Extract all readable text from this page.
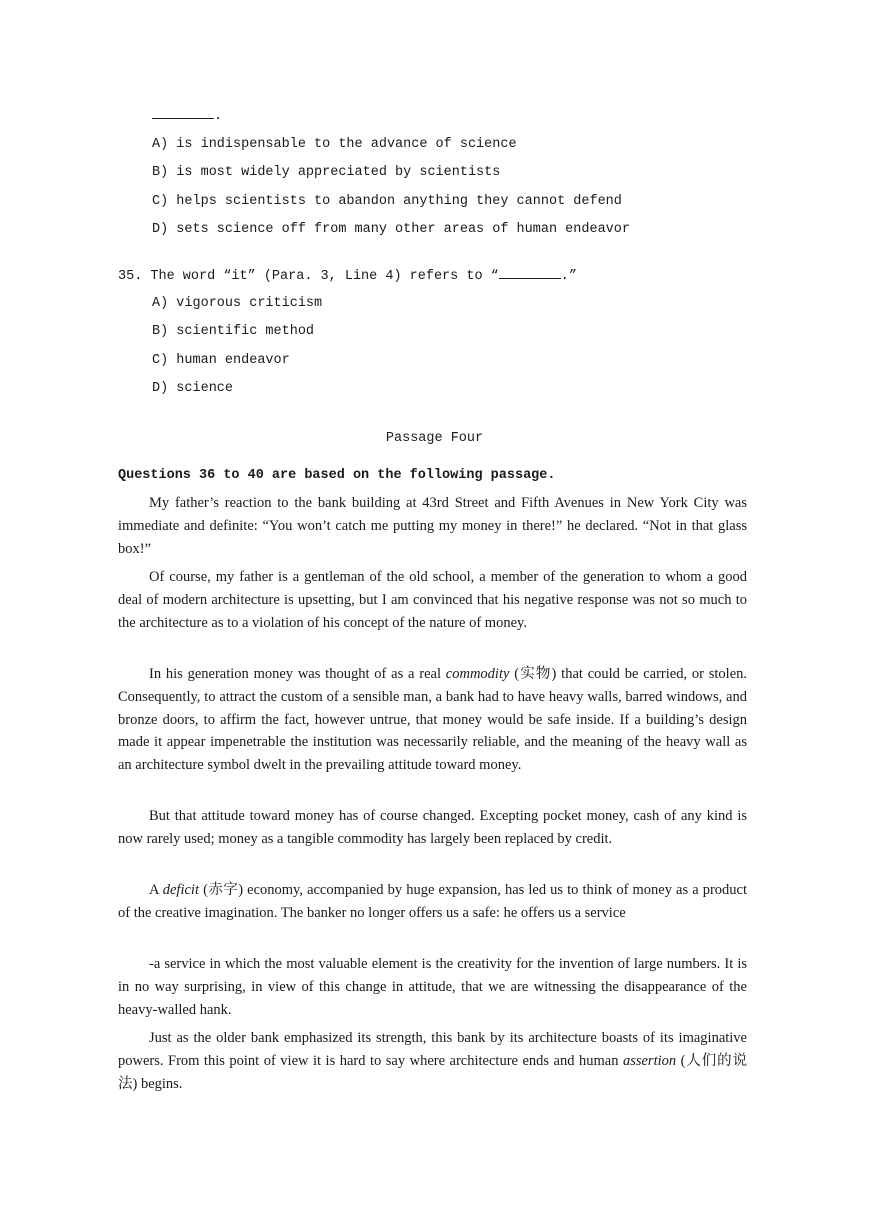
.
A) is indispensable to the advance of science
B) is most widely appreciated by scientists
C) helps scientists to abandon anything they cannot defend
D) sets science off from many other areas of human endeavor
35. The word “it” (Para. 3, Line 4) refers to “	.”
A) vigorous criticism
B) scientific method
C) human endeavor
D) science
Passage Four
Questions 36 to 40 are based on the following passage.
My father’s reaction to the bank building at 43rd Street and Fifth Avenues in New York City was immediate and definite: “You won’t catch me putting my money in there!” he declared. “Not in that glass box!”
Of course, my father is a gentleman of the old school, a member of the generation to whom a good deal of modern architecture is upsetting, but I am convinced that his negative response was not so much to the architecture as to a violation of his concept of the nature of money.
In his generation money was thought of as a real commodity (实物) that could be carried, or stolen. Consequently, to attract the custom of a sensible man, a bank had to have heavy walls, barred windows, and bronze doors, to affirm the fact, however untrue, that money would be safe inside. If a building’s design made it appear impenetrable the institution was necessarily reliable, and the meaning of the heavy wall as an architecture symbol dwelt in the prevailing attitude toward money.
But that attitude toward money has of course changed. Excepting pocket money, cash of any kind is now rarely used; money as a tangible commodity has largely been replaced by credit.
A deficit (赤字) economy, accompanied by huge expansion, has led us to think of money as a product of the creative imagination. The banker no longer offers us a safe: he offers us a service
-a service in which the most valuable element is the creativity for the invention of large numbers. It is in no way surprising, in view of this change in attitude, that we are witnessing the disappearance of the heavy-walled hank.
Just as the older bank emphasized its strength, this bank by its architecture boasts of its imaginative powers. From this point of view it is hard to say where architecture ends and human assertion (人们的说法) begins.
